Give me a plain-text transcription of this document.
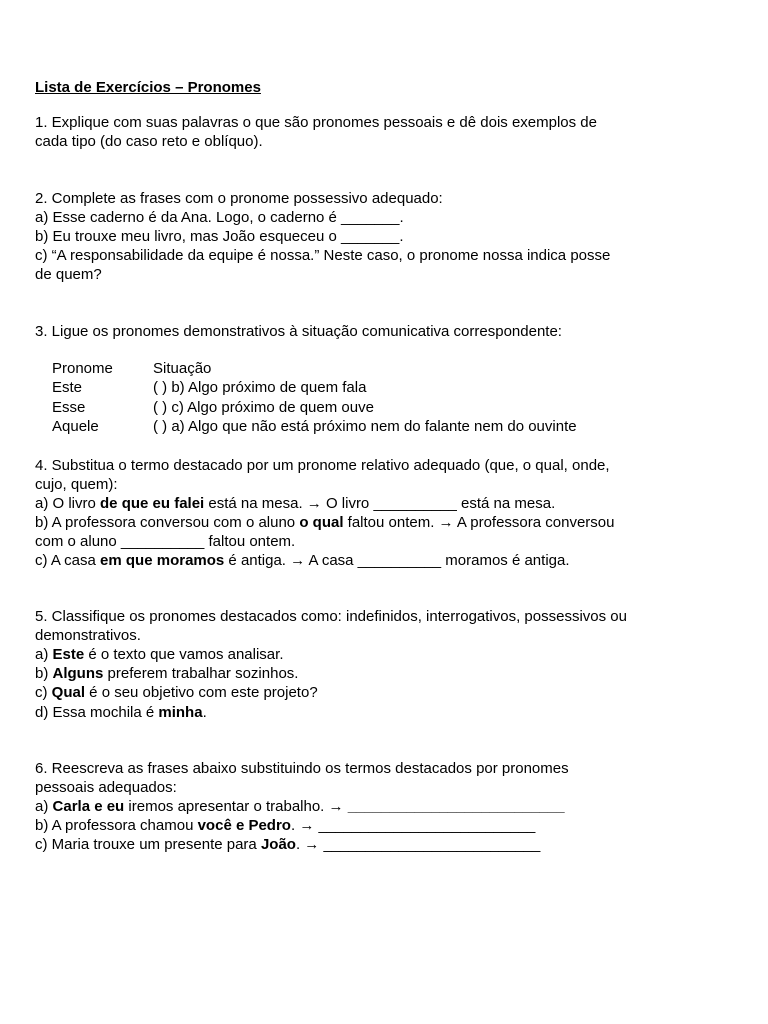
Lista de Exercícios – Pronomes
1. Explique com suas palavras o que são pronomes pessoais e dê dois exemplos de
cada tipo (do caso reto e oblíquo).
2. Complete as frases com o pronome possessivo adequado:
a) Esse caderno é da Ana. Logo, o caderno é _______.
b) Eu trouxe meu livro, mas João esqueceu o _______.
c) “A responsabilidade da equipe é nossa.” Neste caso, o pronome nossa indica posse
de quem?
3. Ligue os pronomes demonstrativos à situação comunicativa correspondente:
Pronome	Situação
Este	( ) b) Algo próximo de quem fala
Esse	( ) c) Algo próximo de quem ouve
Aquele	( ) a) Algo que não está próximo nem do falante nem do ouvinte
4. Substitua o termo destacado por um pronome relativo adequado (que, o qual, onde,
cujo, quem):
a) O livro de que eu falei está na mesa. → O livro __________ está na mesa.
b) A professora conversou com o aluno o qual faltou ontem. → A professora conversou
com o aluno __________ faltou ontem.
c) A casa em que moramos é antiga. → A casa __________ moramos é antiga.
5. Classifique os pronomes destacados como: indefinidos, interrogativos, possessivos ou
demonstrativos.
a) Este é o texto que vamos analisar.
b) Alguns preferem trabalhar sozinhos.
c) Qual é o seu objetivo com este projeto?
d) Essa mochila é minha.
6. Reescreva as frases abaixo substituindo os termos destacados por pronomes
pessoais adequados:
a) Carla e eu iremos apresentar o trabalho. → __________________________
b) A professora chamou você e Pedro. → __________________________
c) Maria trouxe um presente para João. → __________________________
